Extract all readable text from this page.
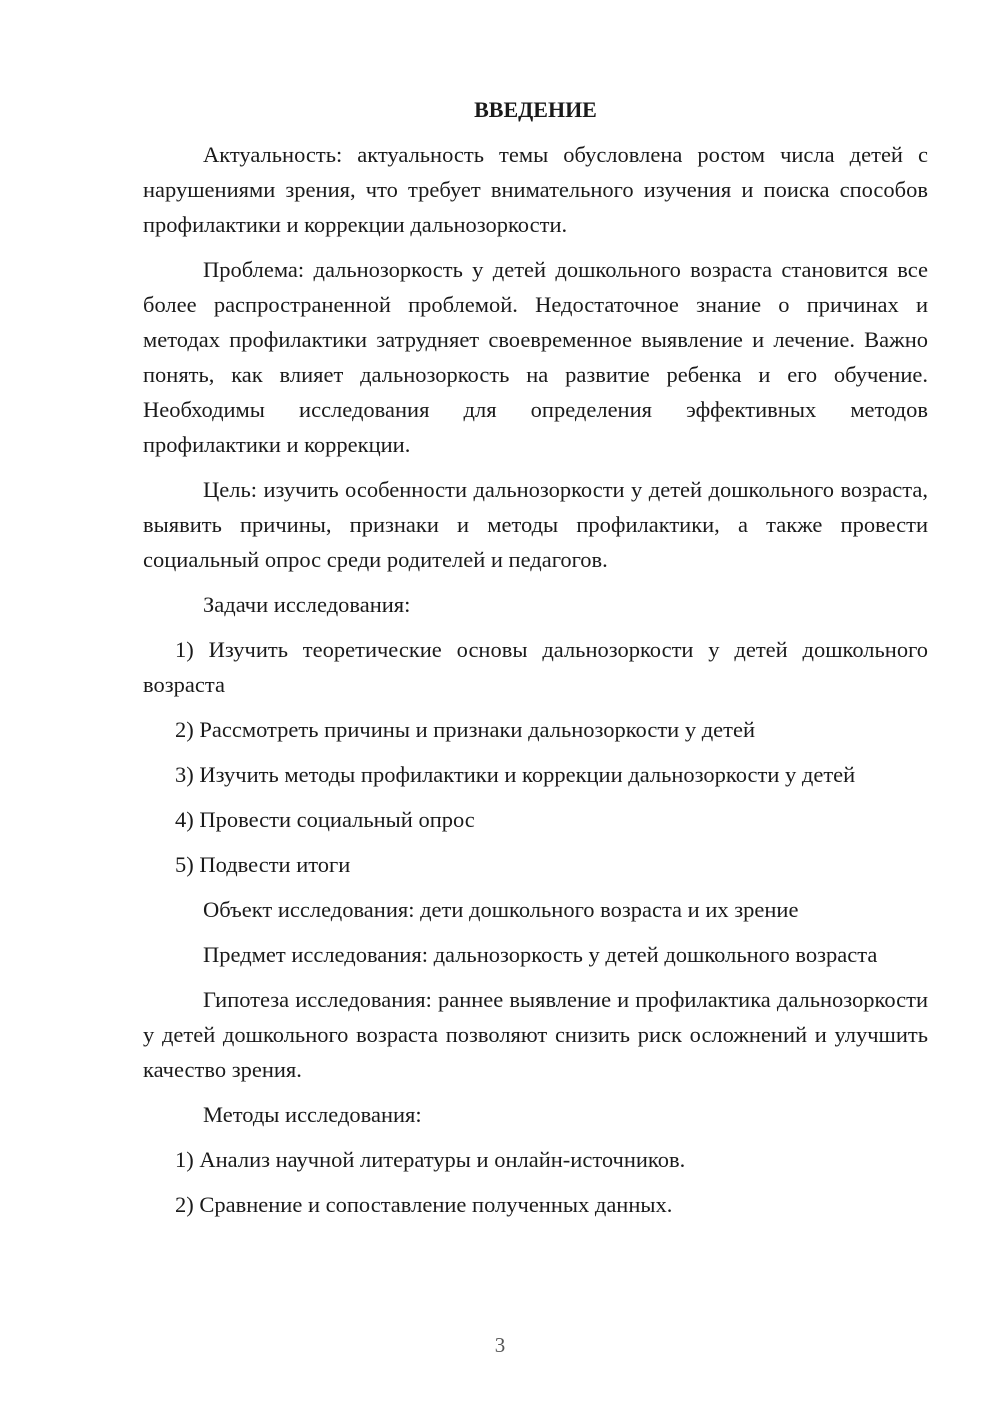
ВВЕДЕНИЕ

Актуальность: актуальность темы обусловлена ростом числа детей с нарушениями зрения, что требует внимательного изучения и поиска способов профилактики и коррекции дальнозоркости.

Проблема: дальнозоркость у детей дошкольного возраста становится все более распространенной проблемой. Недостаточное знание о причинах и методах профилактики затрудняет своевременное выявление и лечение. Важно понять, как влияет дальнозоркость на развитие ребенка и его обучение. Необходимы исследования для определения эффективных методов профилактики и коррекции.

Цель: изучить особенности дальнозоркости у детей дошкольного возраста, выявить причины, признаки и методы профилактики, а также провести социальный опрос среди родителей и педагогов.

Задачи исследования:

1) Изучить теоретические основы дальнозоркости у детей дошкольного возраста

2) Рассмотреть причины и признаки дальнозоркости у детей

3) Изучить методы профилактики и коррекции дальнозоркости у детей

4) Провести социальный опрос

5) Подвести итоги

Объект исследования: дети дошкольного возраста и их зрение

Предмет исследования: дальнозоркость у детей дошкольного возраста

Гипотеза исследования: раннее выявление и профилактика дальнозоркости у детей дошкольного возраста позволяют снизить риск осложнений и улучшить качество зрения.

Методы исследования:

1) Анализ научной литературы и онлайн-источников.

2) Сравнение и сопоставление полученных данных.

3
